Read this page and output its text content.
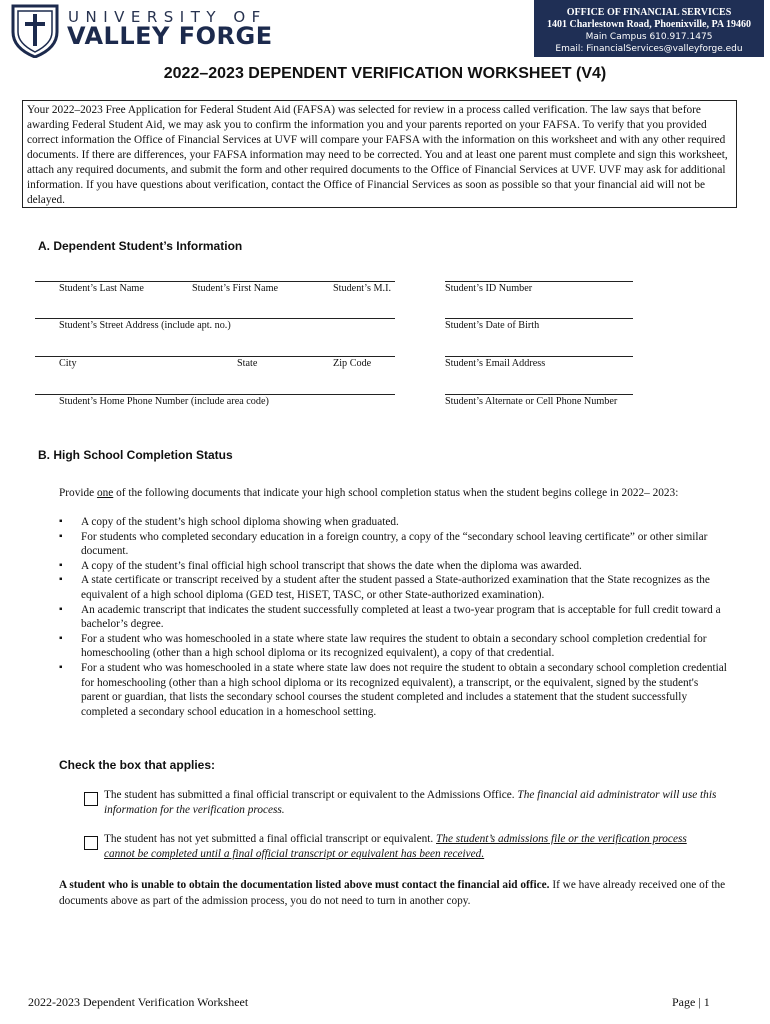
UNIVERSITY OF
VALLEY FORGE
OFFICE OF FINANCIAL SERVICES
1401 Charlestown Road, Phoenixville, PA 19460
Main Campus 610.917.1475
Email: FinancialServices@valleyforge.edu
2022–2023 DEPENDENT VERIFICATION WORKSHEET (V4)
Your 2022–2023 Free Application for Federal Student Aid (FAFSA) was selected for review in a process called verification. The law says that before awarding Federal Student Aid, we may ask you to confirm the information you and your parents reported on your FAFSA. To verify that you provided correct information the Office of Financial Services at UVF will compare your FAFSA with the information on this worksheet and with any other required documents. If there are differences, your FAFSA information may need to be corrected. You and at least one parent must complete and sign this worksheet, attach any required documents, and submit the form and other required documents to the Office of Financial Services at UVF. UVF may ask for additional information. If you have questions about verification, contact the Office of Financial Services as soon as possible so that your financial aid will not be delayed.
A. Dependent Student’s Information
Student’s Last Name	Student’s First Name	Student’s M.I.	Student’s ID Number
Student’s Street Address (include apt. no.)	Student’s Date of Birth
City	State	Zip Code	Student’s Email Address
Student’s Home Phone Number (include area code)	Student’s Alternate or Cell Phone Number
B. High School Completion Status
Provide one of the following documents that indicate your high school completion status when the student begins college in 2022– 2023:
▪ A copy of the student’s high school diploma showing when graduated.
▪ For students who completed secondary education in a foreign country, a copy of the “secondary school leaving certificate” or other similar document.
▪ A copy of the student’s final official high school transcript that shows the date when the diploma was awarded.
▪ A state certificate or transcript received by a student after the student passed a State-authorized examination that the State recognizes as the equivalent of a high school diploma (GED test, HiSET, TASC, or other State-authorized examination).
▪ An academic transcript that indicates the student successfully completed at least a two-year program that is acceptable for full credit toward a bachelor’s degree.
▪ For a student who was homeschooled in a state where state law requires the student to obtain a secondary school completion credential for homeschooling (other than a high school diploma or its recognized equivalent), a copy of that credential.
▪ For a student who was homeschooled in a state where state law does not require the student to obtain a secondary school completion credential for homeschooling (other than a high school diploma or its recognized equivalent), a transcript, or the equivalent, signed by the student's parent or guardian, that lists the secondary school courses the student completed and includes a statement that the student successfully completed a secondary school education in a homeschool setting.
Check the box that applies:
The student has submitted a final official transcript or equivalent to the Admissions Office. The financial aid administrator will use this information for the verification process.
The student has not yet submitted a final official transcript or equivalent. The student’s admissions file or the verification process cannot be completed until a final official transcript or equivalent has been received.
A student who is unable to obtain the documentation listed above must contact the financial aid office. If we have already received one of the documents above as part of the admission process, you do not need to turn in another copy.
2022-2023 Dependent Verification Worksheet	Page | 1
